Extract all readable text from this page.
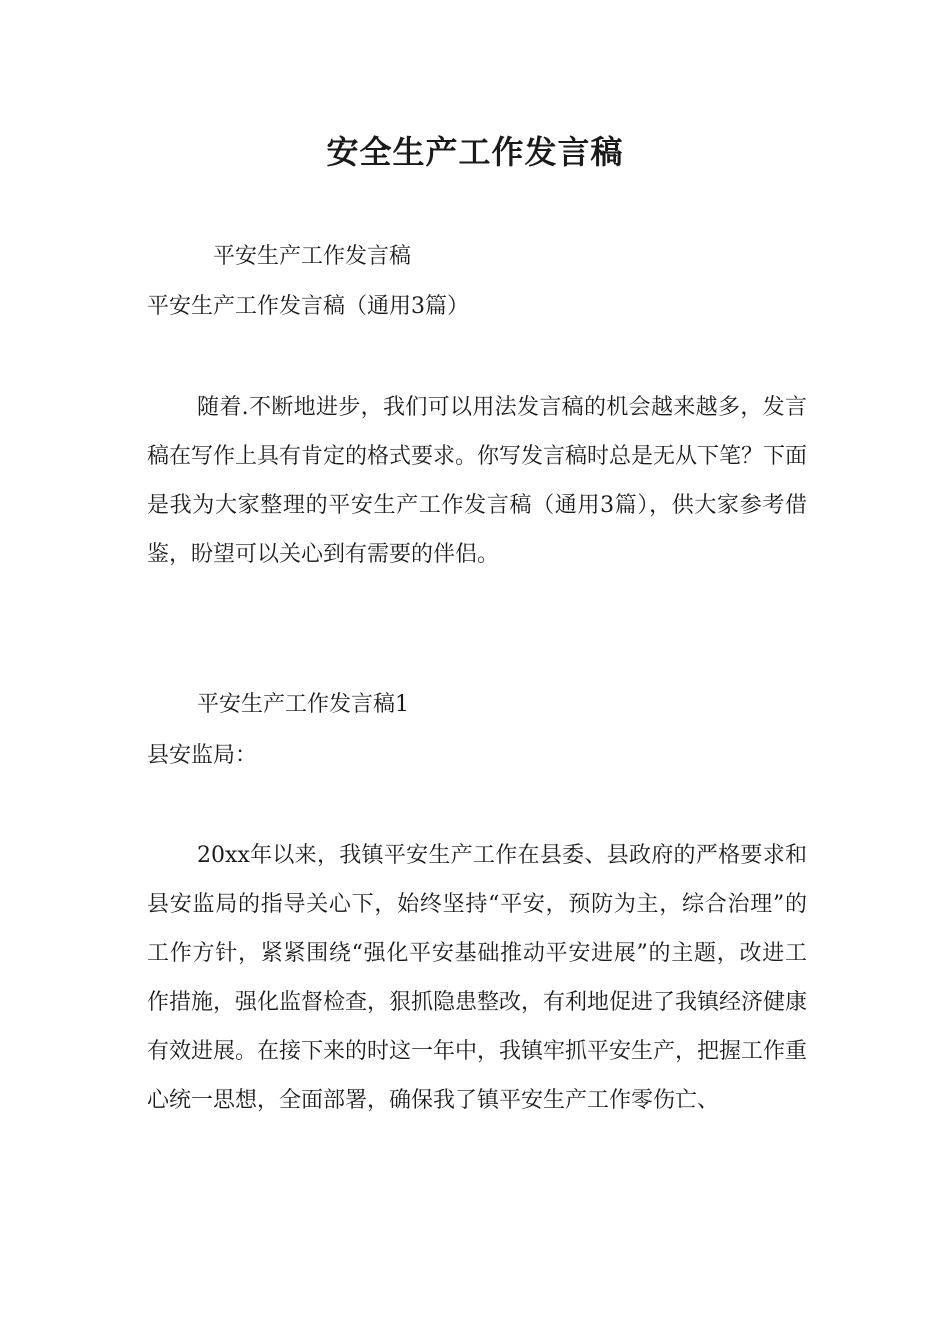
安全生产工作发言稿

平安生产工作发言稿

平安生产工作发言稿（通用3篇）

随着.不断地进步，我们可以用法发言稿的机会越来越多，发言稿在写作上具有肯定的格式要求。你写发言稿时总是无从下笔？下面是我为大家整理的平安生产工作发言稿（通用3篇），供大家参考借鉴，盼望可以关心到有需要的伴侣。

平安生产工作发言稿1

县安监局：

20xx年以来，我镇平安生产工作在县委、县政府的严格要求和县安监局的指导关心下，始终坚持“平安，预防为主，综合治理”的工作方针，紧紧围绕“强化平安基础推动平安进展”的主题，改进工作措施，强化监督检查，狠抓隐患整改，有利地促进了我镇经济健康有效进展。在接下来的时这一年中，我镇牢抓平安生产，把握工作重心统一思想，全面部署，确保我了镇平安生产工作零伤亡、
